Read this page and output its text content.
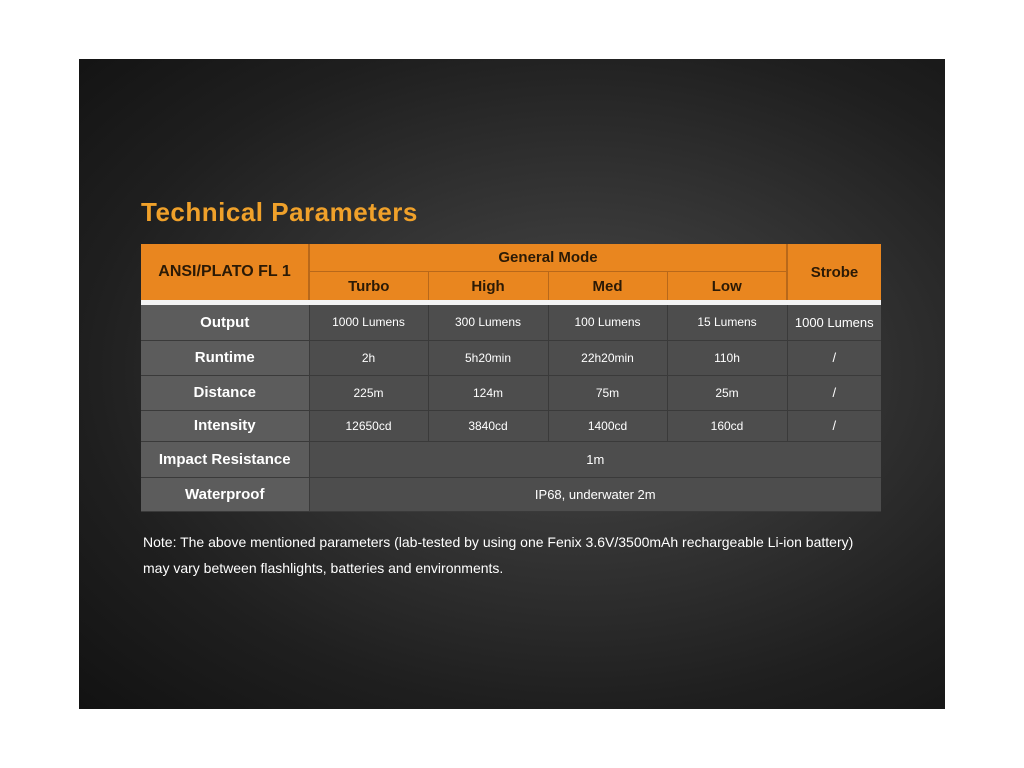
Technical Parameters
ANSI/PLATO FL 1	General Mode				Strobe
	Turbo	High	Med	Low	

Output	1000 Lumens	300 Lumens	100 Lumens	15 Lumens	1000 Lumens
Runtime	2h	5h20min	22h20min	110h	/
Distance	225m	124m	75m	25m	/
Intensity	12650cd	3840cd	1400cd	160cd	/
Impact Resistance	1m				
Waterproof	IP68, underwater 2m				
Note: The above mentioned parameters (lab-tested by using one Fenix 3.6V/3500mAh rechargeable Li-ion battery)
may vary between flashlights, batteries and environments.
